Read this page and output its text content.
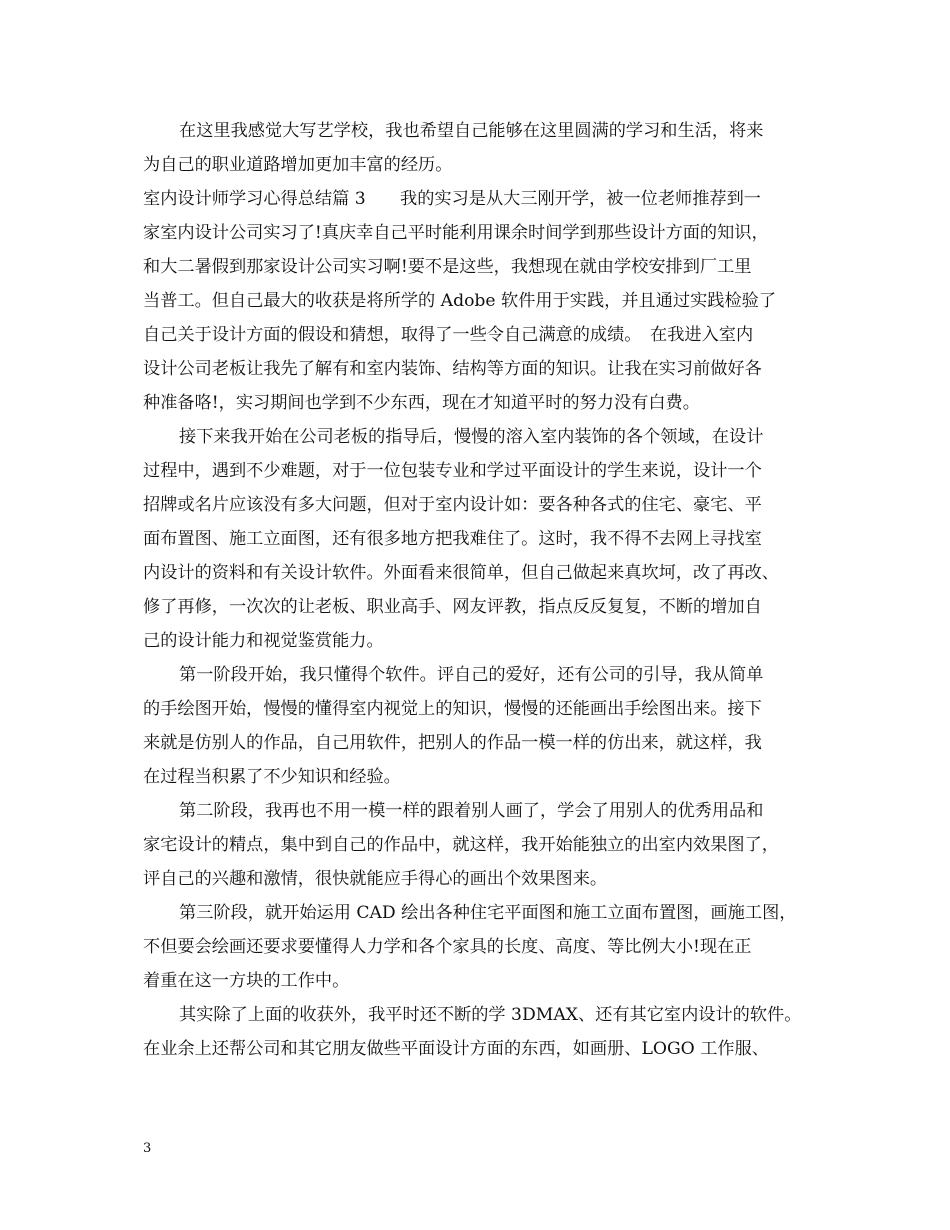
在这里我感觉大写艺学校，我也希望自己能够在这里圆满的学习和生活，将来
为自己的职业道路增加更加丰富的经历。
室内设计师学习心得总结篇 3　　我的实习是从大三刚开学，被一位老师推荐到一
家室内设计公司实习了!真庆幸自己平时能利用课余时间学到那些设计方面的知识，
和大二暑假到那家设计公司实习啊!要不是这些，我想现在就由学校安排到厂工里
当普工。但自己最大的收获是将所学的 Adobe 软件用于实践，并且通过实践检验了
自己关于设计方面的假设和猜想，取得了一些令自己满意的成绩。　在我进入室内
设计公司老板让我先了解有和室内装饰、结构等方面的知识。让我在实习前做好各
种准备咯!，实习期间也学到不少东西，现在才知道平时的努力没有白费。
接下来我开始在公司老板的指导后，慢慢的溶入室内装饰的各个领域，在设计
过程中，遇到不少难题，对于一位包装专业和学过平面设计的学生来说，设计一个
招牌或名片应该没有多大问题，但对于室内设计如：要各种各式的住宅、豪宅、平
面布置图、施工立面图，还有很多地方把我难住了。这时，我不得不去网上寻找室
内设计的资料和有关设计软件。外面看来很简单，但自己做起来真坎坷，改了再改、
修了再修，一次次的让老板、职业高手、网友评教，指点反反复复，不断的增加自
己的设计能力和视觉鉴赏能力。
第一阶段开始，我只懂得个软件。评自己的爱好，还有公司的引导，我从简单
的手绘图开始，慢慢的懂得室内视觉上的知识，慢慢的还能画出手绘图出来。接下
来就是仿别人的作品，自己用软件，把别人的作品一模一样的仿出来，就这样，我
在过程当积累了不少知识和经验。
第二阶段，我再也不用一模一样的跟着别人画了，学会了用别人的优秀用品和
家宅设计的精点，集中到自己的作品中，就这样，我开始能独立的出室内效果图了，
评自己的兴趣和激情，很快就能应手得心的画出个效果图来。
第三阶段，就开始运用 CAD 绘出各种住宅平面图和施工立面布置图，画施工图，
不但要会绘画还要求要懂得人力学和各个家具的长度、高度、等比例大小!现在正
着重在这一方块的工作中。
其实除了上面的收获外，我平时还不断的学 3DMAX、还有其它室内设计的软件。
在业余上还帮公司和其它朋友做些平面设计方面的东西，如画册、LOGO 工作服、
3
